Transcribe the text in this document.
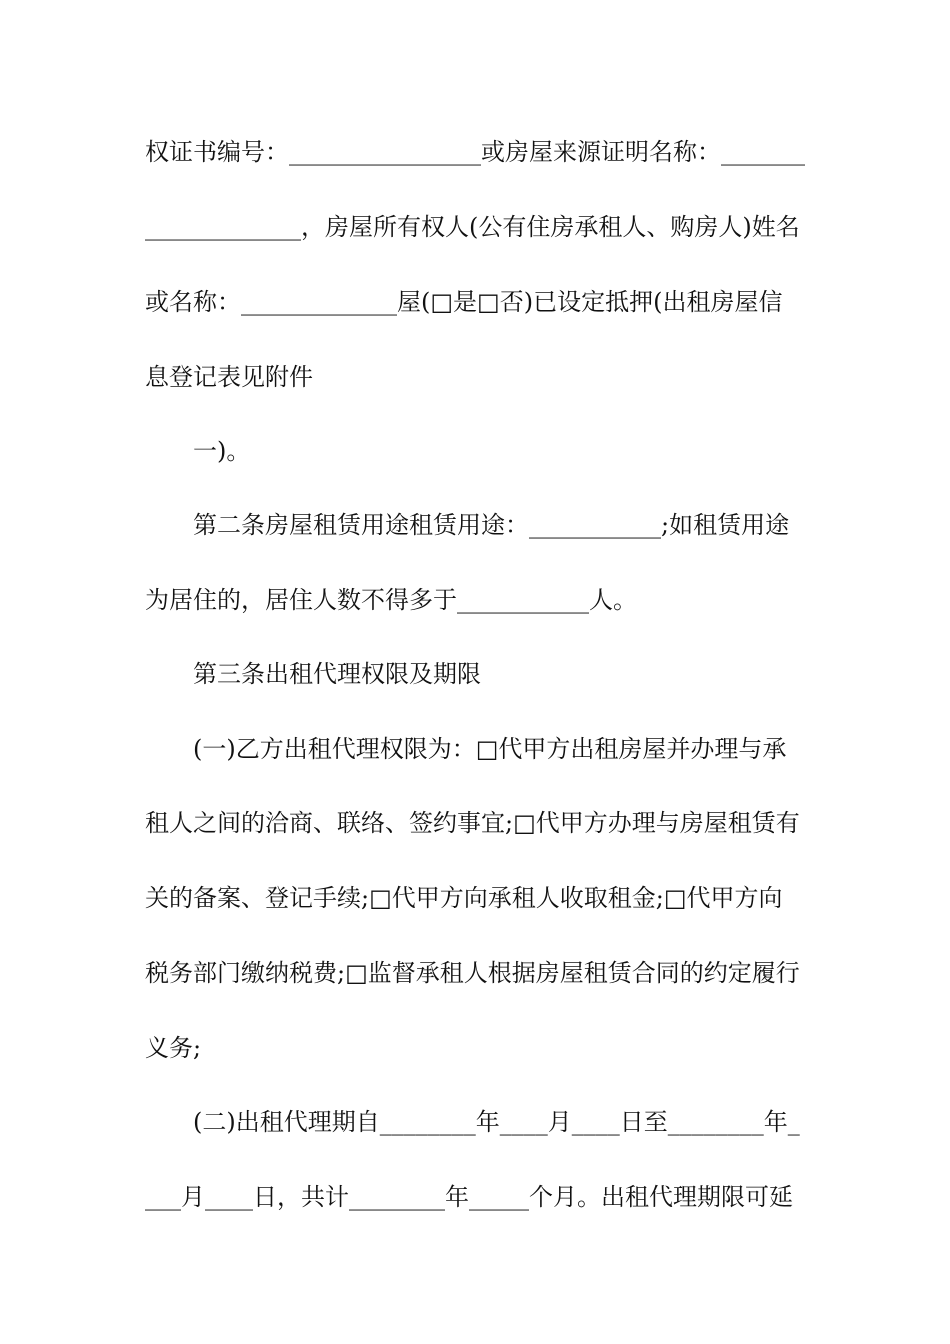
权证书编号：________________或房屋来源证明名称：_______
_____________，房屋所有权人(公有住房承租人、购房人)姓名
或名称：_____________屋(□是□否)已设定抵押(出租房屋信
息登记表见附件
一)。
第二条房屋租赁用途租赁用途：___________;如租赁用途
为居住的，居住人数不得多于___________人。
第三条出租代理权限及期限
(一)乙方出租代理权限为：□代甲方出租房屋并办理与承
租人之间的洽商、联络、签约事宜;□代甲方办理与房屋租赁有
关的备案、登记手续;□代甲方向承租人收取租金;□代甲方向
税务部门缴纳税费;□监督承租人根据房屋租赁合同的约定履行
义务;
(二)出租代理期自________年____月____日至________年_
___月____日，共计________年_____个月。出租代理期限可延
